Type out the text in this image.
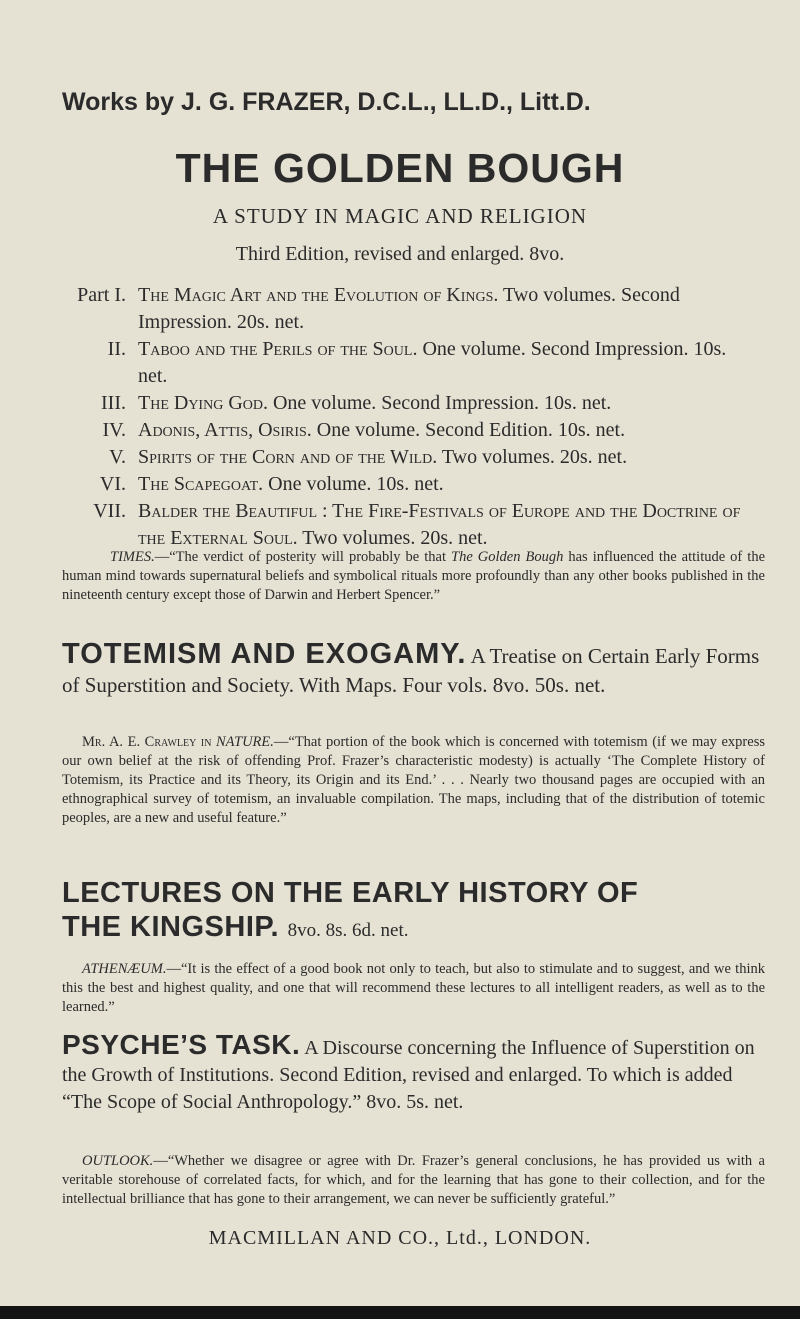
Works by J. G. FRAZER, D.C.L., LL.D., Litt.D.
THE GOLDEN BOUGH
A STUDY IN MAGIC AND RELIGION
Third Edition, revised and enlarged. 8vo.
Part I. The Magic Art and the Evolution of Kings. Two volumes. Second Impression. 20s. net.
II. Taboo and the Perils of the Soul. One volume. Second Impression. 10s. net.
III. The Dying God. One volume. Second Impression. 10s. net.
IV. Adonis, Attis, Osiris. One volume. Second Edition. 10s. net.
V. Spirits of the Corn and of the Wild. Two volumes. 20s. net.
VI. The Scapegoat. One volume. 10s. net.
VII. Balder the Beautiful : The Fire-Festivals of Europe and the Doctrine of the External Soul. Two volumes. 20s. net.
TIMES.—“The verdict of posterity will probably be that The Golden Bough has influenced the attitude of the human mind towards supernatural beliefs and symbolical rituals more profoundly than any other books published in the nineteenth century except those of Darwin and Herbert Spencer.”
TOTEMISM AND EXOGAMY. A Treatise on Certain Early Forms of Superstition and Society. With Maps. Four vols. 8vo. 50s. net.
Mr. A. E. Crawley in NATURE.—“That portion of the book which is concerned with totemism (if we may express our own belief at the risk of offending Prof. Frazer’s characteristic modesty) is actually ‘The Complete History of Totemism, its Practice and its Theory, its Origin and its End.’ . . . Nearly two thousand pages are occupied with an ethnographical survey of totemism, an invaluable compilation. The maps, including that of the distribution of totemic peoples, are a new and useful feature.”
LECTURES ON THE EARLY HISTORY OF
THE KINGSHIP. 8vo. 8s. 6d. net.
ATHENÆUM.—“It is the effect of a good book not only to teach, but also to stimulate and to suggest, and we think this the best and highest quality, and one that will recommend these lectures to all intelligent readers, as well as to the learned.”
PSYCHE’S TASK. A Discourse concerning the Influence of Superstition on the Growth of Institutions. Second Edition, revised and enlarged. To which is added “The Scope of Social Anthropology.” 8vo. 5s. net.
OUTLOOK.—“Whether we disagree or agree with Dr. Frazer’s general conclusions, he has provided us with a veritable storehouse of correlated facts, for which, and for the learning that has gone to their collection, and for the intellectual brilliance that has gone to their arrangement, we can never be sufficiently grateful.”
MACMILLAN AND CO., Ltd., LONDON.
